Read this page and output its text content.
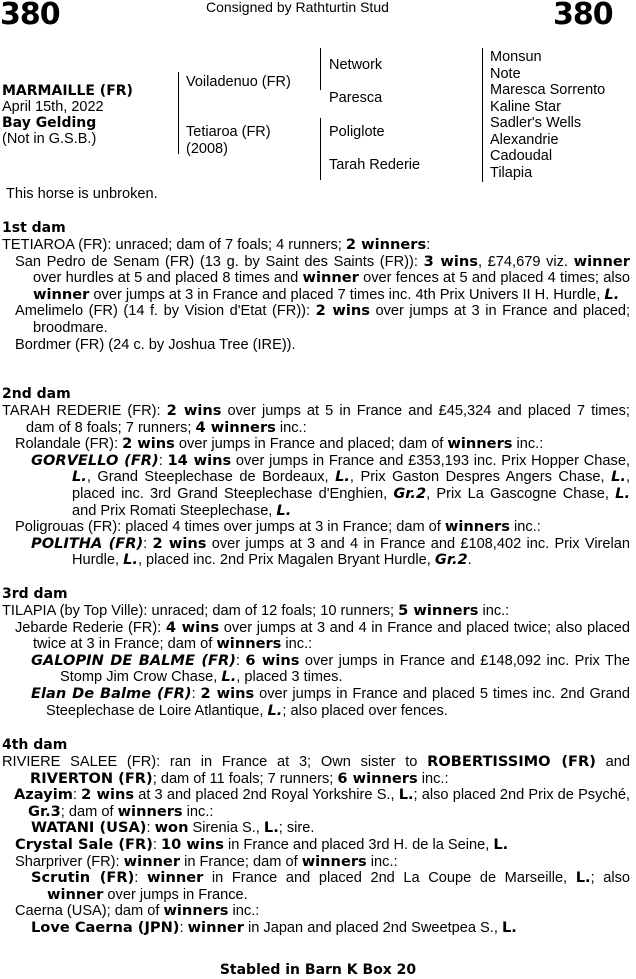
380	Consigned by Rathturtin Stud	380
MARMAILLE (FR)
April 15th, 2022
Bay Gelding
(Not in G.S.B.)
Voiladenuo (FR)
Tetiaroa (FR)
(2008)
Network
Paresca
Poliglote
Tarah Rederie
Monsun
Note
Maresca Sorrento
Kaline Star
Sadler's Wells
Alexandrie
Cadoudal
Tilapia
This horse is unbroken.
1st dam
TETIAROA (FR): unraced; dam of 7 foals; 4 runners; 2 winners:
San Pedro de Senam (FR) (13 g. by Saint des Saints (FR)): 3 wins, £74,679 viz. winner over hurdles at 5 and placed 8 times and winner over fences at 5 and placed 4 times; also winner over jumps at 3 in France and placed 7 times inc. 4th Prix Univers II H. Hurdle, L.
Amelimelo (FR) (14 f. by Vision d'Etat (FR)): 2 wins over jumps at 3 in France and placed; broodmare.
Bordmer (FR) (24 c. by Joshua Tree (IRE)).
2nd dam
TARAH REDERIE (FR): 2 wins over jumps at 5 in France and £45,324 and placed 7 times; dam of 8 foals; 7 runners; 4 winners inc.:
Rolandale (FR): 2 wins over jumps in France and placed; dam of winners inc.:
GORVELLO (FR): 14 wins over jumps in France and £353,193 inc. Prix Hopper Chase, L., Grand Steeplechase de Bordeaux, L., Prix Gaston Despres Angers Chase, L., placed inc. 3rd Grand Steeplechase d'Enghien, Gr.2, Prix La Gascogne Chase, L. and Prix Romati Steeplechase, L.
Poligrouas (FR): placed 4 times over jumps at 3 in France; dam of winners inc.:
POLITHA (FR): 2 wins over jumps at 3 and 4 in France and £108,402 inc. Prix Virelan Hurdle, L., placed inc. 2nd Prix Magalen Bryant Hurdle, Gr.2.
3rd dam
TILAPIA (by Top Ville): unraced; dam of 12 foals; 10 runners; 5 winners inc.:
Jebarde Rederie (FR): 4 wins over jumps at 3 and 4 in France and placed twice; also placed twice at 3 in France; dam of winners inc.:
GALOPIN DE BALME (FR): 6 wins over jumps in France and £148,092 inc. Prix The Stomp Jim Crow Chase, L., placed 3 times.
Elan De Balme (FR): 2 wins over jumps in France and placed 5 times inc. 2nd Grand Steeplechase de Loire Atlantique, L.; also placed over fences.
4th dam
RIVIERE SALEE (FR): ran in France at 3; Own sister to ROBERTISSIMO (FR) and RIVERTON (FR); dam of 11 foals; 7 runners; 6 winners inc.:
Azayim: 2 wins at 3 and placed 2nd Royal Yorkshire S., L.; also placed 2nd Prix de Psyché, Gr.3; dam of winners inc.:
WATANI (USA): won Sirenia S., L.; sire.
Crystal Sale (FR): 10 wins in France and placed 3rd H. de la Seine, L.
Sharpriver (FR): winner in France; dam of winners inc.:
Scrutin (FR): winner in France and placed 2nd La Coupe de Marseille, L.; also winner over jumps in France.
Caerna (USA); dam of winners inc.:
Love Caerna (JPN): winner in Japan and placed 2nd Sweetpea S., L.
Stabled in Barn K Box 20
